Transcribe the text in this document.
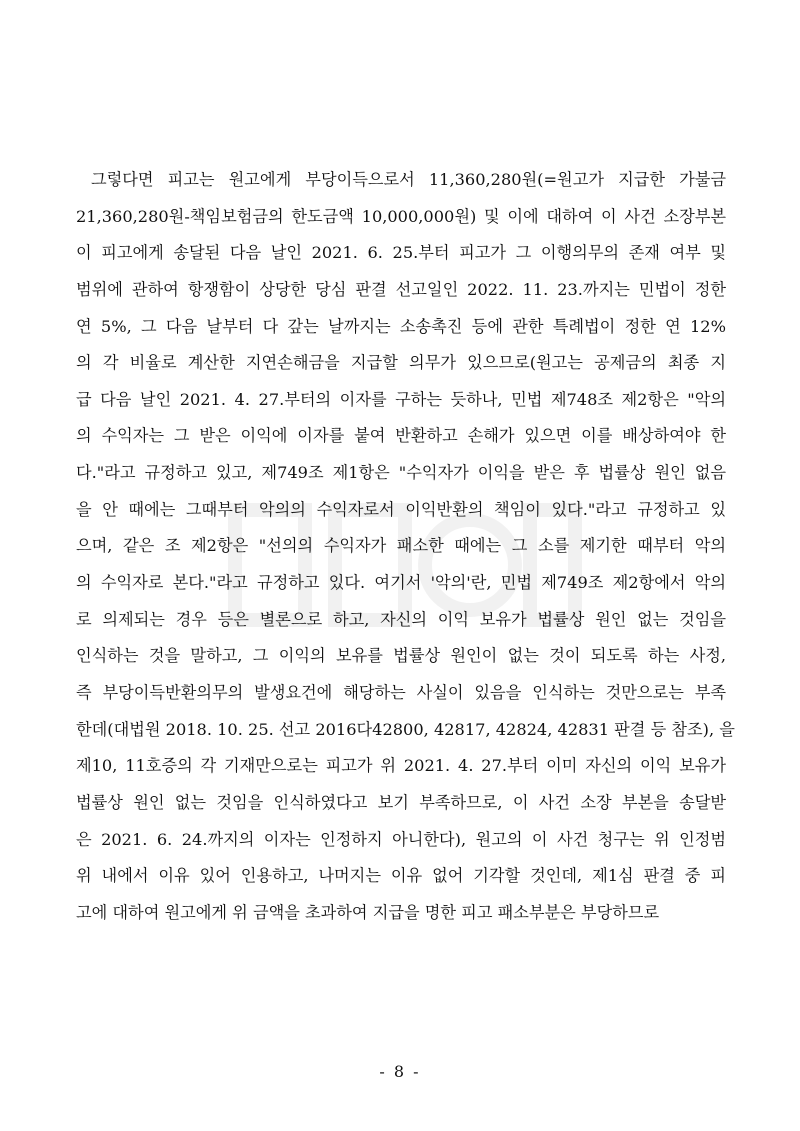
그렇다면 피고는 원고에게 부당이득으로서 11,360,280원(=원고가 지급한 가불금
21,360,280원-책임보험금의 한도금액 10,000,000원) 및 이에 대하여 이 사건 소장부본
이 피고에게 송달된 다음 날인 2021. 6. 25.부터 피고가 그 이행의무의 존재 여부 및
범위에 관하여 항쟁함이 상당한 당심 판결 선고일인 2022. 11. 23.까지는 민법이 정한
연 5%, 그 다음 날부터 다 갚는 날까지는 소송촉진 등에 관한 특례법이 정한 연 12%
의 각 비율로 계산한 지연손해금을 지급할 의무가 있으므로(원고는 공제금의 최종 지
급 다음 날인 2021. 4. 27.부터의 이자를 구하는 듯하나, 민법 제748조 제2항은 "악의
의 수익자는 그 받은 이익에 이자를 붙여 반환하고 손해가 있으면 이를 배상하여야 한
다."라고 규정하고 있고, 제749조 제1항은 "수익자가 이익을 받은 후 법률상 원인 없음
을 안 때에는 그때부터 악의의 수익자로서 이익반환의 책임이 있다."라고 규정하고 있
으며, 같은 조 제2항은 "선의의 수익자가 패소한 때에는 그 소를 제기한 때부터 악의
의 수익자로 본다."라고 규정하고 있다. 여기서 '악의'란, 민법 제749조 제2항에서 악의
로 의제되는 경우 등은 별론으로 하고, 자신의 이익 보유가 법률상 원인 없는 것임을
인식하는 것을 말하고, 그 이익의 보유를 법률상 원인이 없는 것이 되도록 하는 사정,
즉 부당이득반환의무의 발생요건에 해당하는 사실이 있음을 인식하는 것만으로는 부족
한데(대법원 2018. 10. 25. 선고 2016다42800, 42817, 42824, 42831 판결 등 참조), 을
제10, 11호증의 각 기재만으로는 피고가 위 2021. 4. 27.부터 이미 자신의 이익 보유가
법률상 원인 없는 것임을 인식하였다고 보기 부족하므로, 이 사건 소장 부본을 송달받
은 2021. 6. 24.까지의 이자는 인정하지 아니한다), 원고의 이 사건 청구는 위 인정범
위 내에서 이유 있어 인용하고, 나머지는 이유 없어 기각할 것인데, 제1심 판결 중 피
고에 대하여 원고에게 위 금액을 초과하여 지급을 명한 피고 패소부분은 부당하므로
- 8 -
